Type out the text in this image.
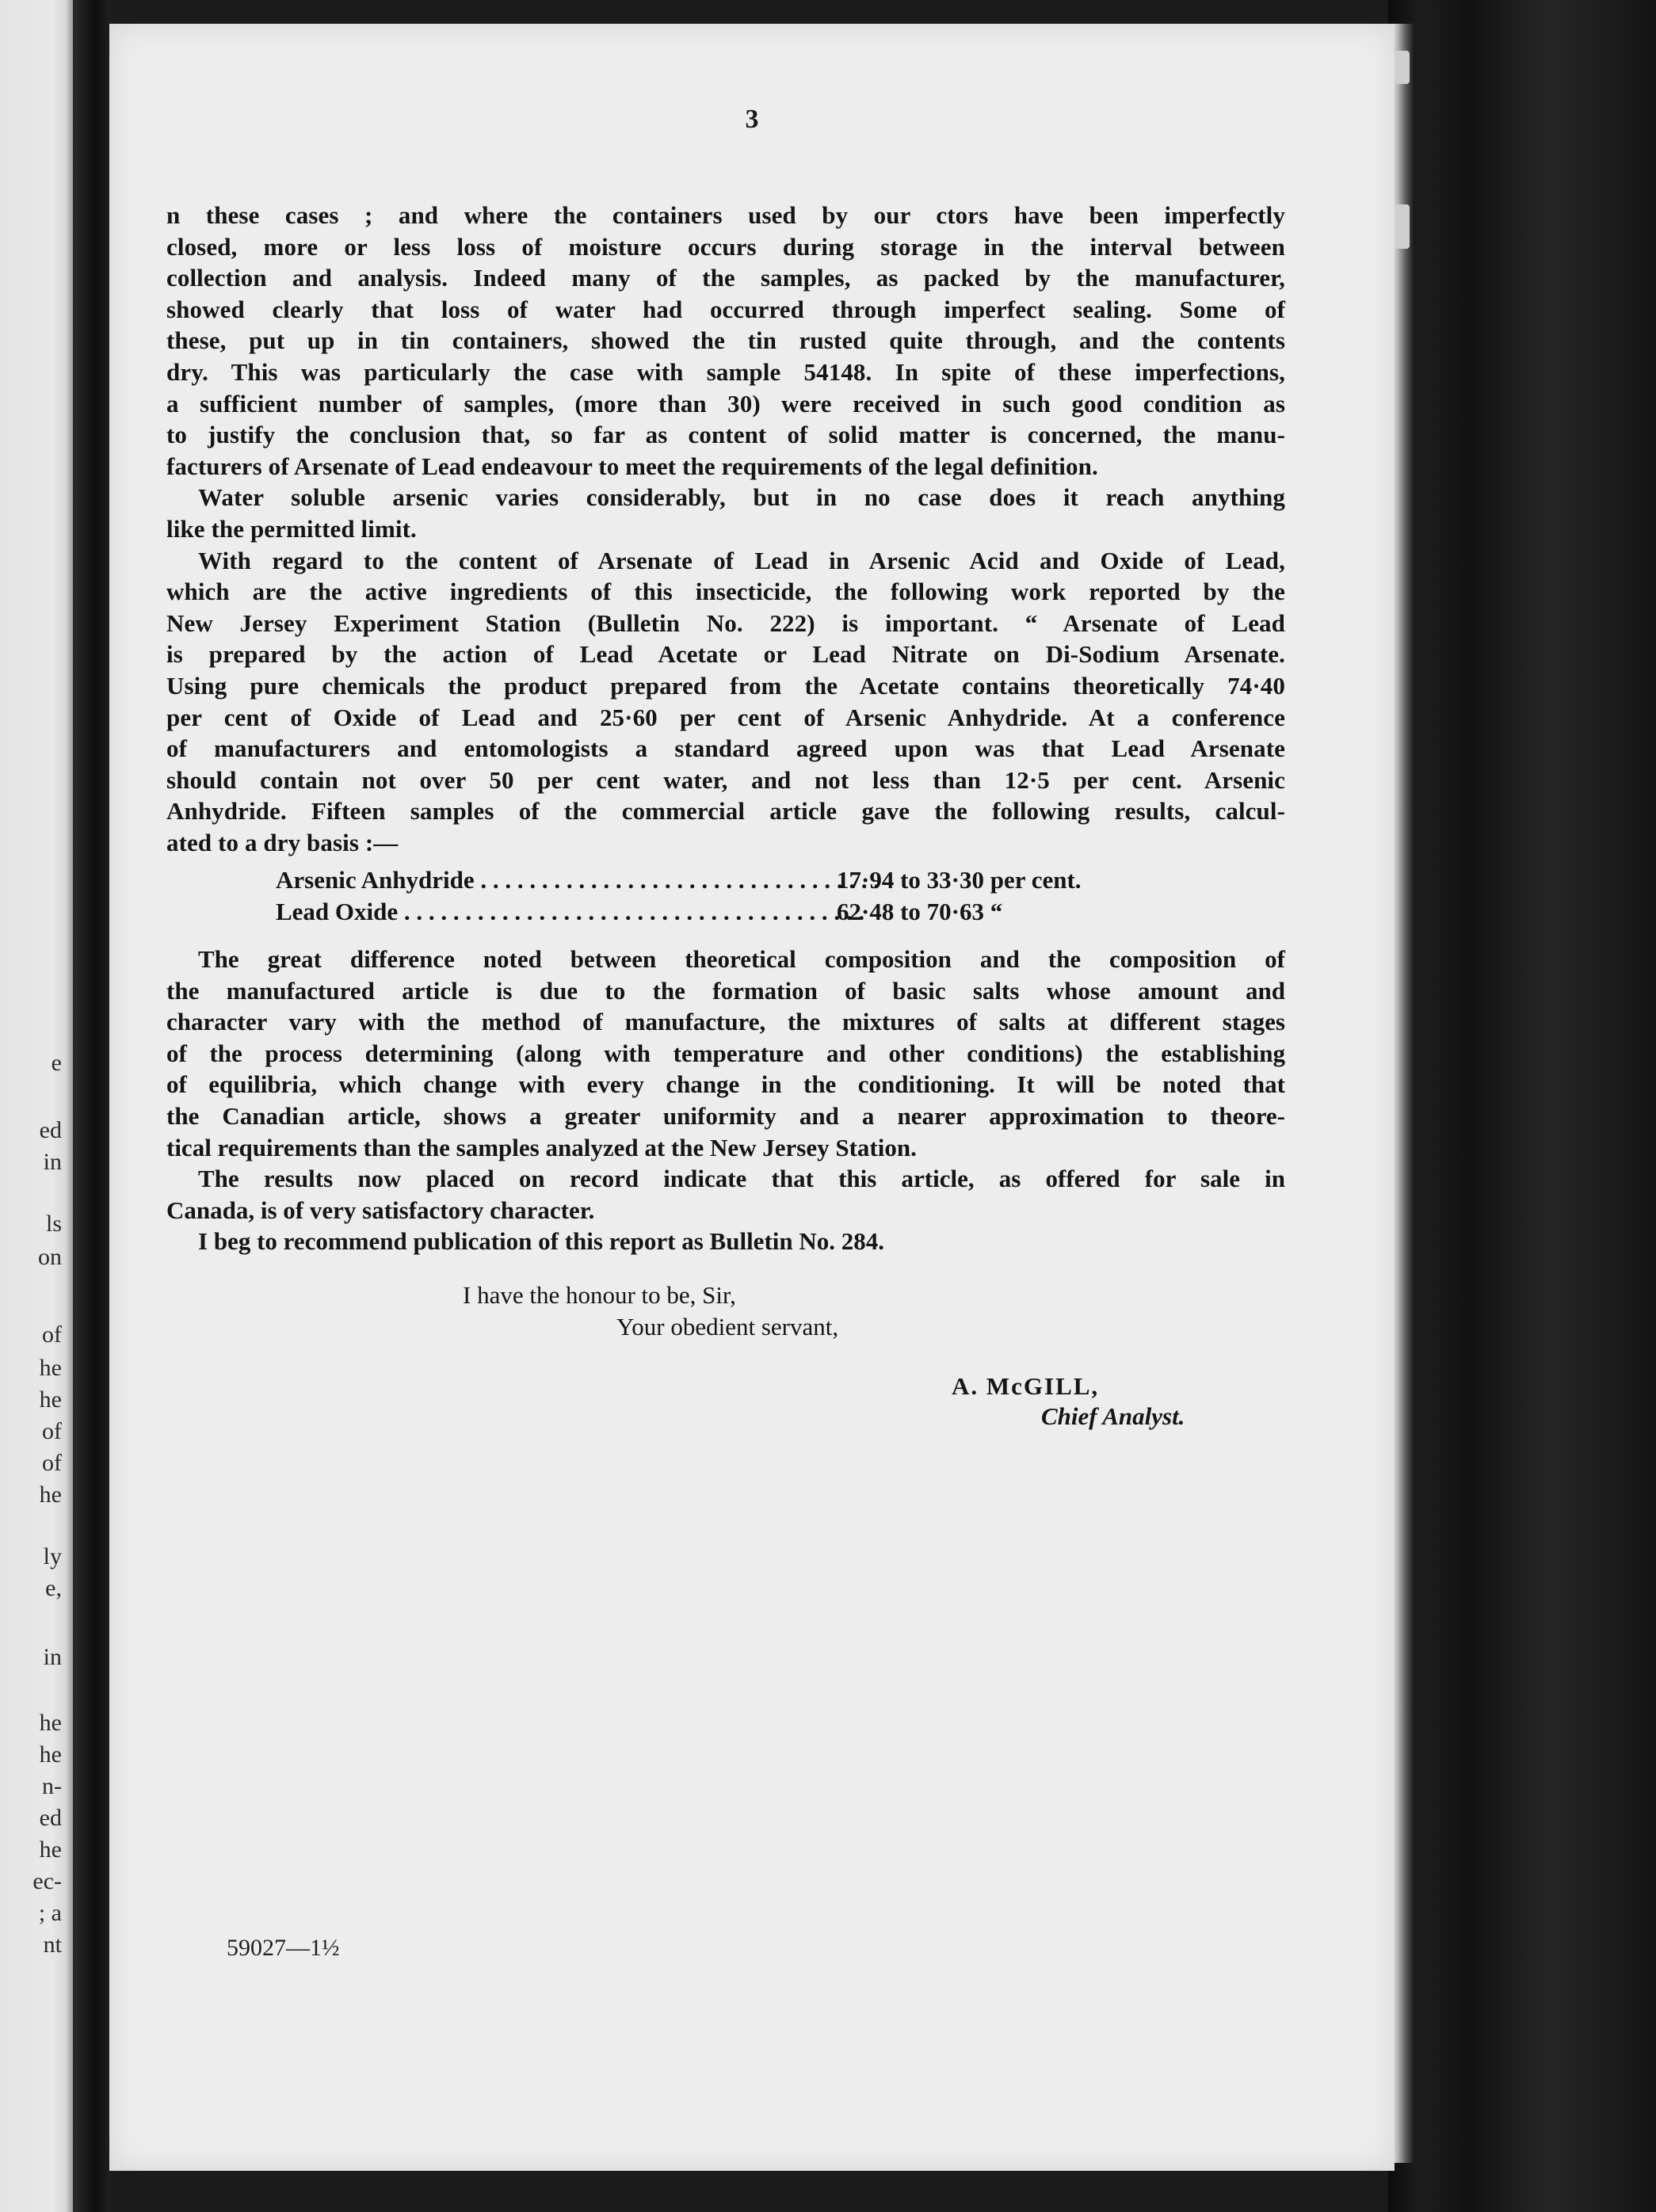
e
ed
in
ls
on
of
he
he
of
of
he
ly
e,
in
he
he
n-
ed
he
ec-
; a
nt
3
n these cases ; and where the containers used by our ctors have been imperfectly
closed, more or less loss of moisture occurs during storage in the interval between
collection and analysis. Indeed many of the samples, as packed by the manufacturer,
showed clearly that loss of water had occurred through imperfect sealing. Some of
these, put up in tin containers, showed the tin rusted quite through, and the contents
dry. This was particularly the case with sample 54148. In spite of these imperfections,
a sufficient number of samples, (more than 30) were received in such good condition as
to justify the conclusion that, so far as content of solid matter is concerned, the manu-
facturers of Arsenate of Lead endeavour to meet the requirements of the legal definition.
Water soluble arsenic varies considerably, but in no case does it reach anything
like the permitted limit.
With regard to the content of Arsenate of Lead in Arsenic Acid and Oxide of Lead,
which are the active ingredients of this insecticide, the following work reported by the
New Jersey Experiment Station (Bulletin No. 222) is important. “ Arsenate of Lead
is prepared by the action of Lead Acetate or Lead Nitrate on Di-Sodium Arsenate.
Using pure chemicals the product prepared from the Acetate contains theoretically 74·40
per cent of Oxide of Lead and 25·60 per cent of Arsenic Anhydride. At a conference
of manufacturers and entomologists a standard agreed upon was that Lead Arsenate
should contain not over 50 per cent water, and not less than 12·5 per cent. Arsenic
Anhydride. Fifteen samples of the commercial article gave the following results, calcul-
ated to a dry basis :—
Arsenic Anhydride . . . . . . . . . . . . . . . . . . . . . . . . . . . . . . . . .
17·94 to 33·30 per cent.
Lead Oxide . . . . . . . . . . . . . . . . . . . . . . . . . . . . . . . . . . . . . .
62·48 to 70·63 “
The great difference noted between theoretical composition and the composition of
the manufactured article is due to the formation of basic salts whose amount and
character vary with the method of manufacture, the mixtures of salts at different stages
of the process determining (along with temperature and other conditions) the establishing
of equilibria, which change with every change in the conditioning. It will be noted that
the Canadian article, shows a greater uniformity and a nearer approximation to theore-
tical requirements than the samples analyzed at the New Jersey Station.
The results now placed on record indicate that this article, as offered for sale in
Canada, is of very satisfactory character.
I beg to recommend publication of this report as Bulletin No. 284.
I have the honour to be, Sir,
Your obedient servant,
A. McGILL,
Chief Analyst.
59027—1½
